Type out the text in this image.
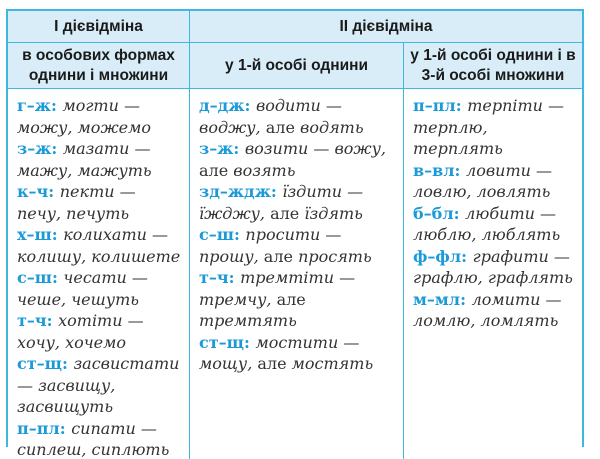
І дієвідміна	ІІ дієвідміна
в особових формах однини і множини
у 1-й особі однини
у 1-й особі однини і в 3-й особі множини

г–ж: могти — можу, можемо

з–ж: мазати — мажу, мажуть

к–ч: пекти — печу, печуть

х–ш: колихати — колишу, колишете

с–ш: чесати — чеше, чешуть

т–ч: хотіти — хочу, хочемо

ст–щ: засвистати — засвищу, засвищуть

п–пл: сипати — сиплеш, сиплють

д–дж: водити — воджу, але водять

з–ж: возити — вожу, але возять

зд–ждж: їздити — їжджу, але їздять

с–ш: просити — прошу, але просять

т–ч: тремтіти — тремчу, але тремтять

ст–щ: мостити — мощу, але мостять

п–пл: терпіти — терплю, терплять

в–вл: ловити — ловлю, ловлять

б–бл: любити — люблю, люблять

ф–фл: графити — графлю, графлять

м–мл: ломити — ломлю, ломлять
